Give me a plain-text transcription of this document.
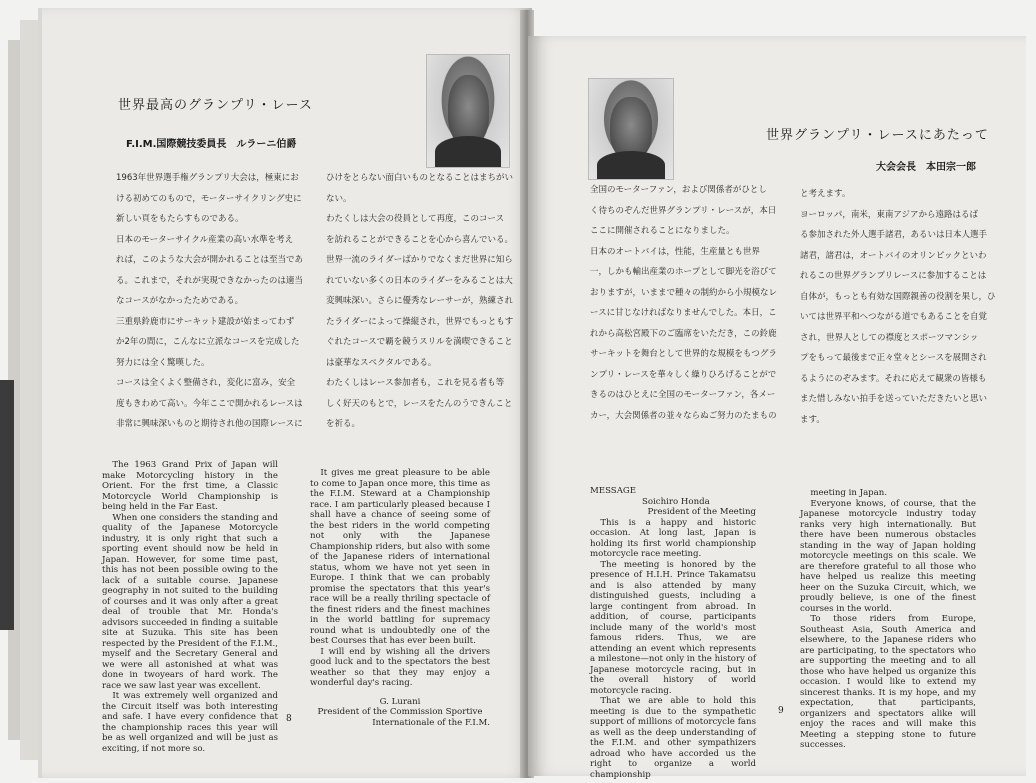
世界最高のグランプリ・レース
F.I.M.国際競技委員長　ルラーニ伯爵
1963年世界選手権グランプリ大会は，極東にお
ける初めてのもので，モーターサイクリング史に
新しい頁をもたらすものである。
日本のモーターサイクル産業の高い水準を考え
れば，このような大会が開かれることは至当であ
る。これまで，それが実現できなかったのは適当
なコースがなかったためである。
三重県鈴鹿市にサーキット建設が始まってわず
か2年の間に，こんなに立派なコースを完成した
努力には全く驚嘆した。
コースは全くよく整備され，変化に富み，安全
度もきわめて高い。今年ここで開かれるレースは
非常に興味深いものと期待され他の国際レースに
ひけをとらない面白いものとなることはまちがい
ない。
わたくしは大会の役員として再度，このコース
を訪れることができることを心から喜んでいる。
世界一流のライダーばかりでなくまだ世界に知ら
れていない多くの日本のライダーをみることは大
変興味深い。さらに優秀なレーサーが，熟練され
たライダーによって操縦され，世界でもっともす
ぐれたコースで覇を競うスリルを満喫できること
は豪華なスペクタルである。
わたくしはレース参加者も，これを見る者も等
しく好天のもとで，レースをたんのうできんこと
を祈る。

The 1963 Grand Prix of Japan will make Motorcycling history in the Orient. For the frst time, a Classic Motorcycle World Championship is being held in the Far East.

When one considers the standing and quality of the Japanese Motorcycle industry, it is only right that such a sporting event should now be held in Japan. However, for some time past, this has not been possible owing to the lack of a suitable course. Japanese geography in not suited to the building of courses and it was only after a great deal of trouble that Mr. Honda's advisors succeeded in finding a suitable site at Suzuka. This site has been respected by the President of the F.I.M., myself and the Secretary General and we were all astonished at what was done in twoyears of hard work. The race we saw last year was excellent.

It was extremely well organized and the Circuit itself was both interesting and safe. I have every confidence that the championship races this year will be as well organized and will be just as exciting, if not more so.

It gives me great pleasure to be able to come to Japan once more, this time as the F.I.M. Steward at a Championship race. I am particularly pleased because I shall have a chance of seeing some of the best riders in the world competing not only with the Japanese Championship riders, but also with some of the Japanese riders of international status, whom we have not yet seen in Europe. I think that we can probably promise the spectators that this year's race will be a really thriling spectacle of the finest riders and the finest machines in the world battling for supremacy round what is undoubtedly one of the best Courses that has ever been built.

I will end by wishing all the drivers good luck and to the spectators the best weather so that they may enjoy a wonderful day's racing.

G. Lurani
President of the Commission Sportive
Internationale of the F.I.M.
8
世界グランプリ・レースにあたって
大会会長　本田宗一郎
全国のモーターファン，および関係者がひとし
く待ちのぞんだ世界グランプリ・レースが，本日
ここに開催されることになりました。
日本のオートバイは，性能，生産量とも世界
一，しかも輸出産業のホープとして脚光を浴びて
おりますが，いままで種々の制約から小規模なレ
ースに甘じなければなりませんでした。本日，こ
れから高松宮殿下のご臨席をいただき，この鈴鹿
サーキットを舞台として世界的な規模をもつグラ
ンプリ・レースを華々しく繰りひろげることがで
きるのはひとえに全国のモーターファン，各メー
カー，大会関係者の並々ならぬご努力のたまもの
と考えます。
ヨーロッパ，南米，東南アジアから遠路はるば
る参加された外人選手諸君，あるいは日本人選手
諸君，諸君は，オートバイのオリンピックといわ
れるこの世界グランプリレースに参加することは
自体が，もっとも有効な国際親善の役割を果し，ひ
いては世界平和へつながる道でもあることを自覚
され，世界人としての襟度とスポーツマンシッ
プをもって最後まで正々堂々とシースを展開され
るようにのぞみます。それに応えて観衆の皆様も
また惜しみない拍手を送っていただきたいと思い
ます。
MESSAGE
Soichiro Honda
President of the Meeting

This is a happy and historic occasion. At long last, Japan is holding its first world championship motorcycle race meeting.

The meeting is honored by the presence of H.I.H. Prince Takamatsu and is also attended by many distinguished guests, including a large contingent from abroad. In addition, of course, participants include many of the world's most famous riders. Thus, we are attending an event which represents a milestone—not only in the history of Japanese motorcycle racing, but in the overall history of world motorcycle racing.

That we are able to hold this meeting is due to the sympathetic support of millions of motorcycle fans as well as the deep understanding of the F.I.M. and other sympathizers adroad who have accorded us the right to organize a world championship

meeting in Japan.

Everyone knows, of course, that the Japanese motorcycle industry today ranks very high internationally. But there have been numerous obstacles standing in the way of Japan holding motorcycle meetings on this scale. We are therefore grateful to all those who have helped us realize this meeting heer on the Suzuka Circuit, which, we proudly believe, is one of the finest courses in the world.

To those riders from Europe, Southeast Asia, South America and elsewhere, to the Japanese riders who are participating, to the spectators who are supporting the meeting and to all those who have helped us organize this occasion. I would like to extend my sincerest thanks. It is my hope, and my expectation, that participants, organizers and spectators alike will enjoy the races and will make this Meeting a stepping stone to future successes.

9
